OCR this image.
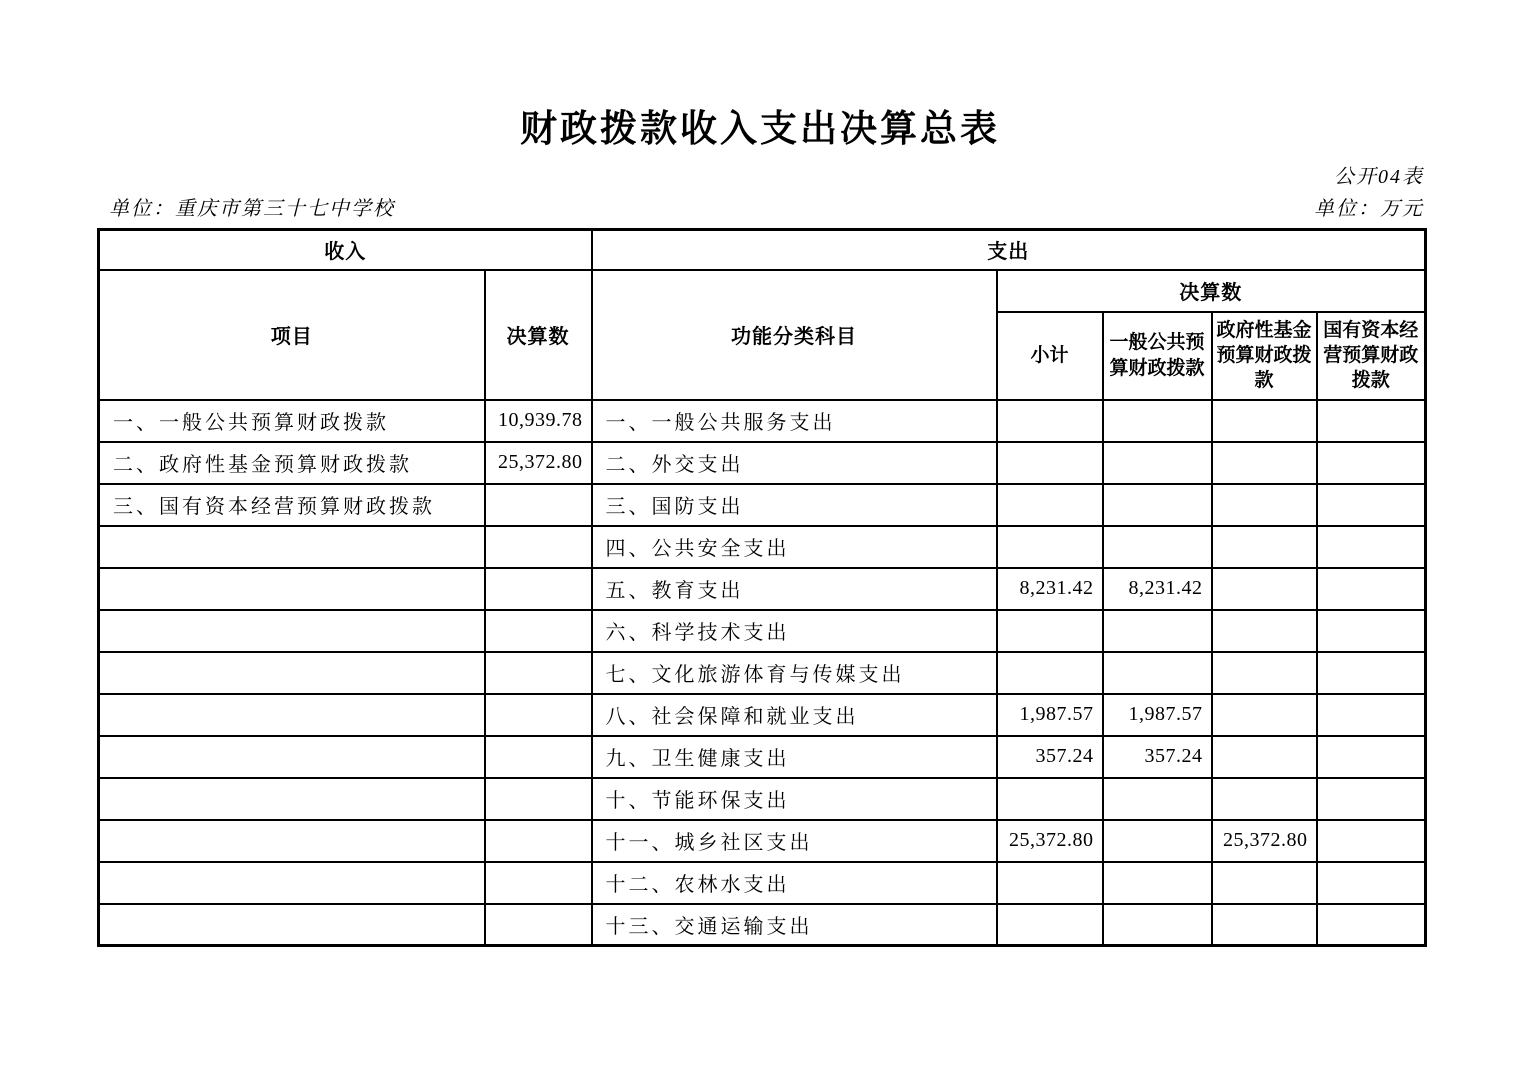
财政拨款收入支出决算总表
公开04表
单位：重庆市第三十七中学校	单位：万元
收入		支出				
项目	决算数	功能分类科目	决算数			
			小计	一般公共预算财政拨款	政府性基金预算财政拨款	国有资本经营预算财政拨款
一、一般公共预算财政拨款	10,939.78	一、一般公共服务支出				
二、政府性基金预算财政拨款	25,372.80	二、外交支出				
三、国有资本经营预算财政拨款		三、国防支出				
		四、公共安全支出				
		五、教育支出	8,231.42	8,231.42		
		六、科学技术支出				
		七、文化旅游体育与传媒支出				
		八、社会保障和就业支出	1,987.57	1,987.57		
		九、卫生健康支出	357.24	357.24		
		十、节能环保支出				
		十一、城乡社区支出	25,372.80		25,372.80	
		十二、农林水支出				
		十三、交通运输支出				
